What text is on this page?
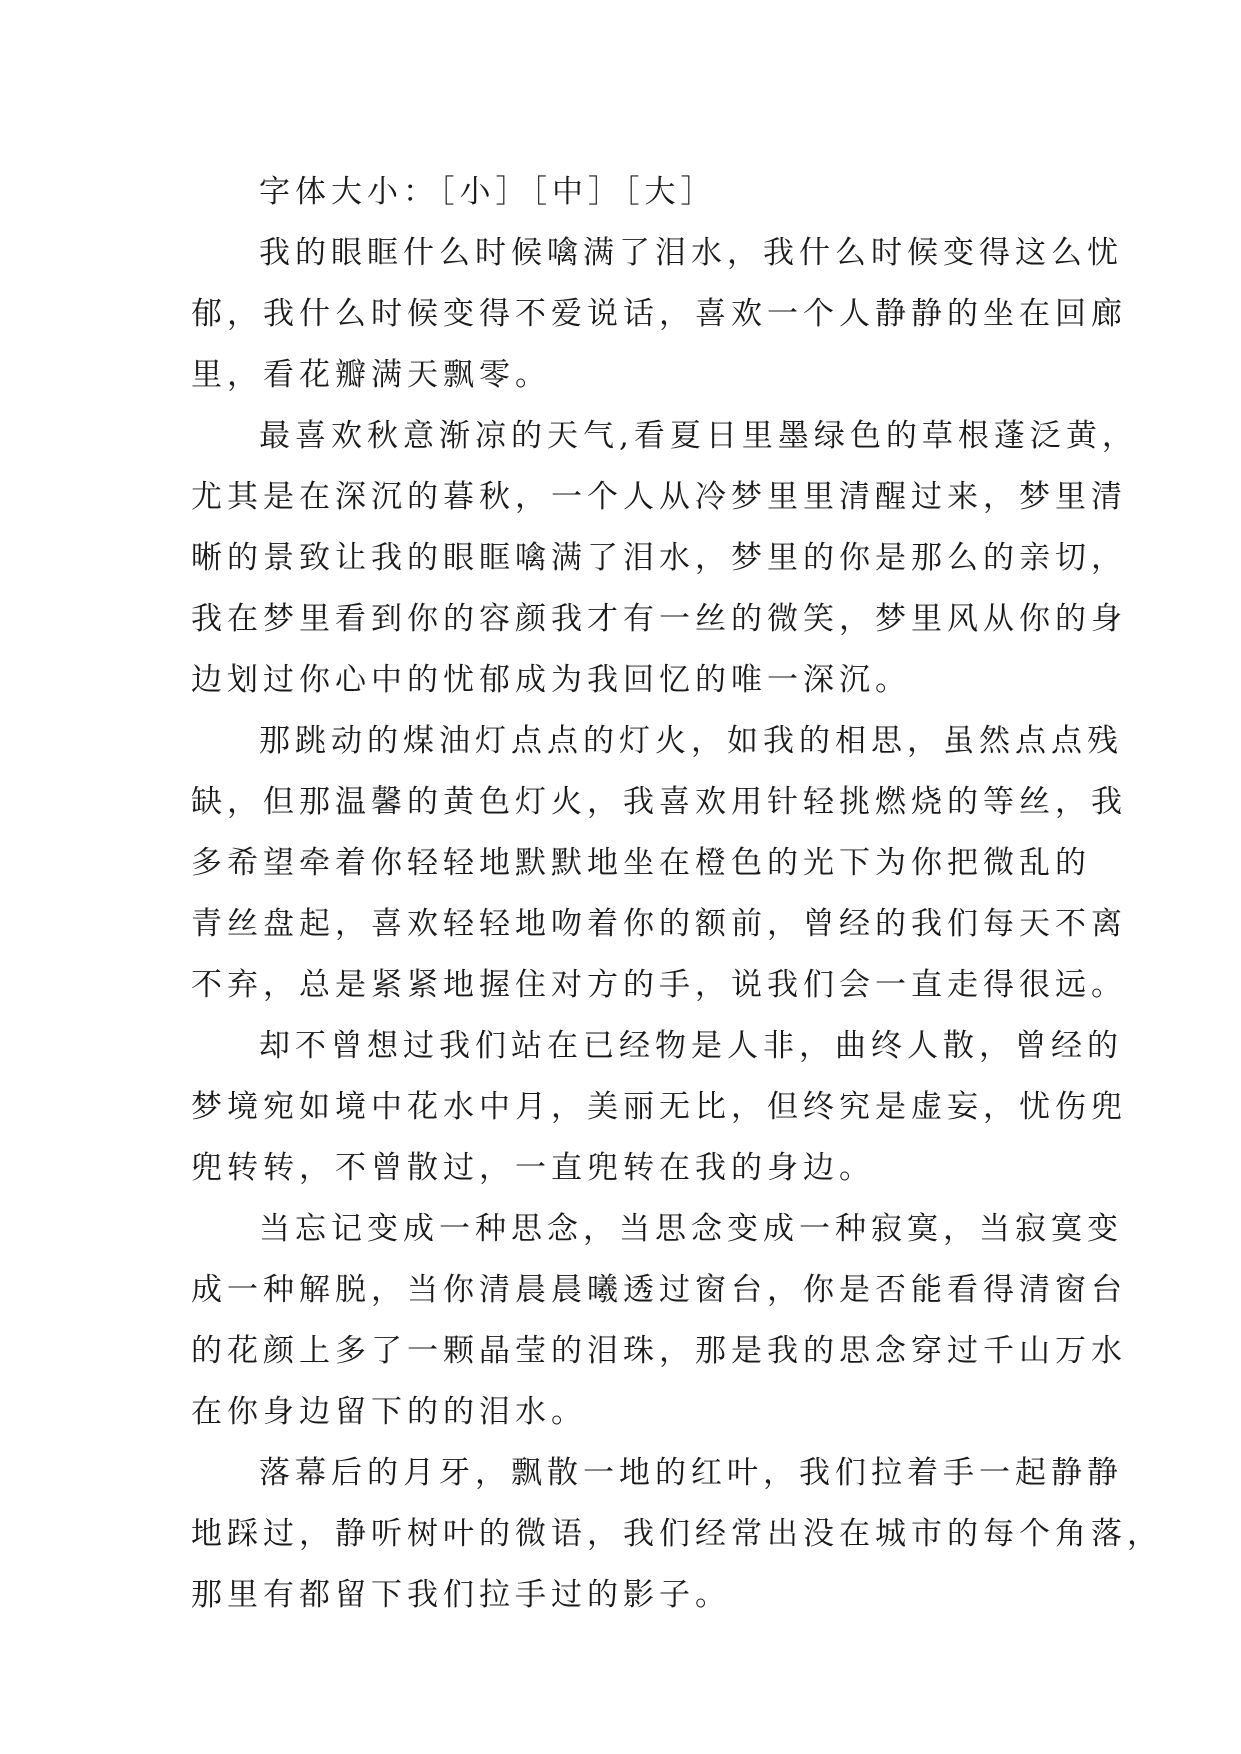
字体大小：［小］［中］［大］
我的眼眶什么时候噙满了泪水，我什么时候变得这么忧
郁，我什么时候变得不爱说话，喜欢一个人静静的坐在回廊
里，看花瓣满天飘零。
最喜欢秋意渐凉的天气,看夏日里墨绿色的草根蓬泛黄，
尤其是在深沉的暮秋，一个人从冷梦里里清醒过来，梦里清
晰的景致让我的眼眶噙满了泪水，梦里的你是那么的亲切，
我在梦里看到你的容颜我才有一丝的微笑，梦里风从你的身
边划过你心中的忧郁成为我回忆的唯一深沉。
那跳动的煤油灯点点的灯火，如我的相思，虽然点点残
缺，但那温馨的黄色灯火，我喜欢用针轻挑燃烧的等丝，我
多希望牵着你轻轻地默默地坐在橙色的光下为你把微乱的
青丝盘起，喜欢轻轻地吻着你的额前，曾经的我们每天不离
不弃，总是紧紧地握住对方的手，说我们会一直走得很远。
却不曾想过我们站在已经物是人非，曲终人散，曾经的
梦境宛如境中花水中月，美丽无比，但终究是虚妄，忧伤兜
兜转转，不曾散过，一直兜转在我的身边。
当忘记变成一种思念，当思念变成一种寂寞，当寂寞变
成一种解脱，当你清晨晨曦透过窗台，你是否能看得清窗台
的花颜上多了一颗晶莹的泪珠，那是我的思念穿过千山万水
在你身边留下的的泪水。
落幕后的月牙，飘散一地的红叶，我们拉着手一起静静
地踩过，静听树叶的微语，我们经常出没在城市的每个角落，
那里有都留下我们拉手过的影子。
